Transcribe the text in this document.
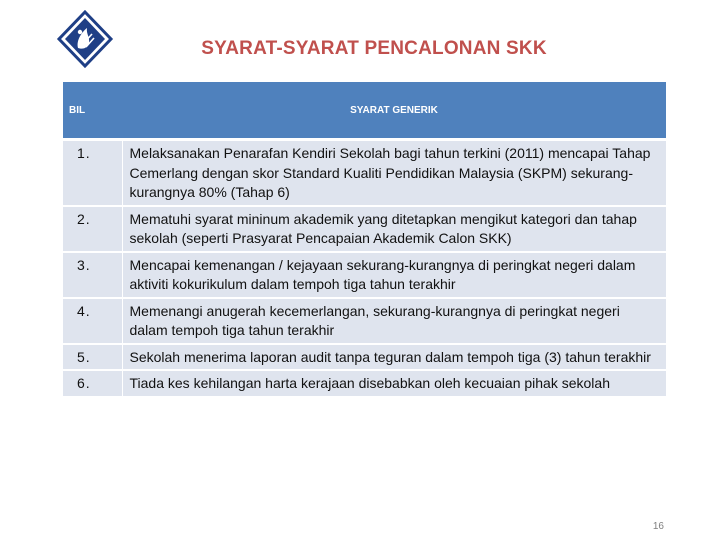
SYARAT-SYARAT PENCALONAN SKK
BIL	SYARAT GENERIK
1.	Melaksanakan Penarafan Kendiri Sekolah bagi tahun terkini (2011) mencapai Tahap Cemerlang dengan skor Standard Kualiti Pendidikan Malaysia (SKPM) sekurang-kurangnya 80% (Tahap 6)
2.	Mematuhi syarat mininum akademik yang ditetapkan mengikut kategori dan tahap sekolah (seperti Prasyarat Pencapaian Akademik Calon SKK)
3.	Mencapai kemenangan / kejayaan sekurang-kurangnya di peringkat negeri dalam aktiviti kokurikulum dalam tempoh tiga tahun terakhir
4.	Memenangi anugerah kecemerlangan, sekurang-kurangnya di peringkat negeri dalam tempoh tiga tahun terakhir
5.	Sekolah menerima laporan audit tanpa teguran dalam tempoh tiga (3) tahun terakhir
6.	Tiada kes kehilangan harta kerajaan disebabkan oleh kecuaian pihak sekolah
16
